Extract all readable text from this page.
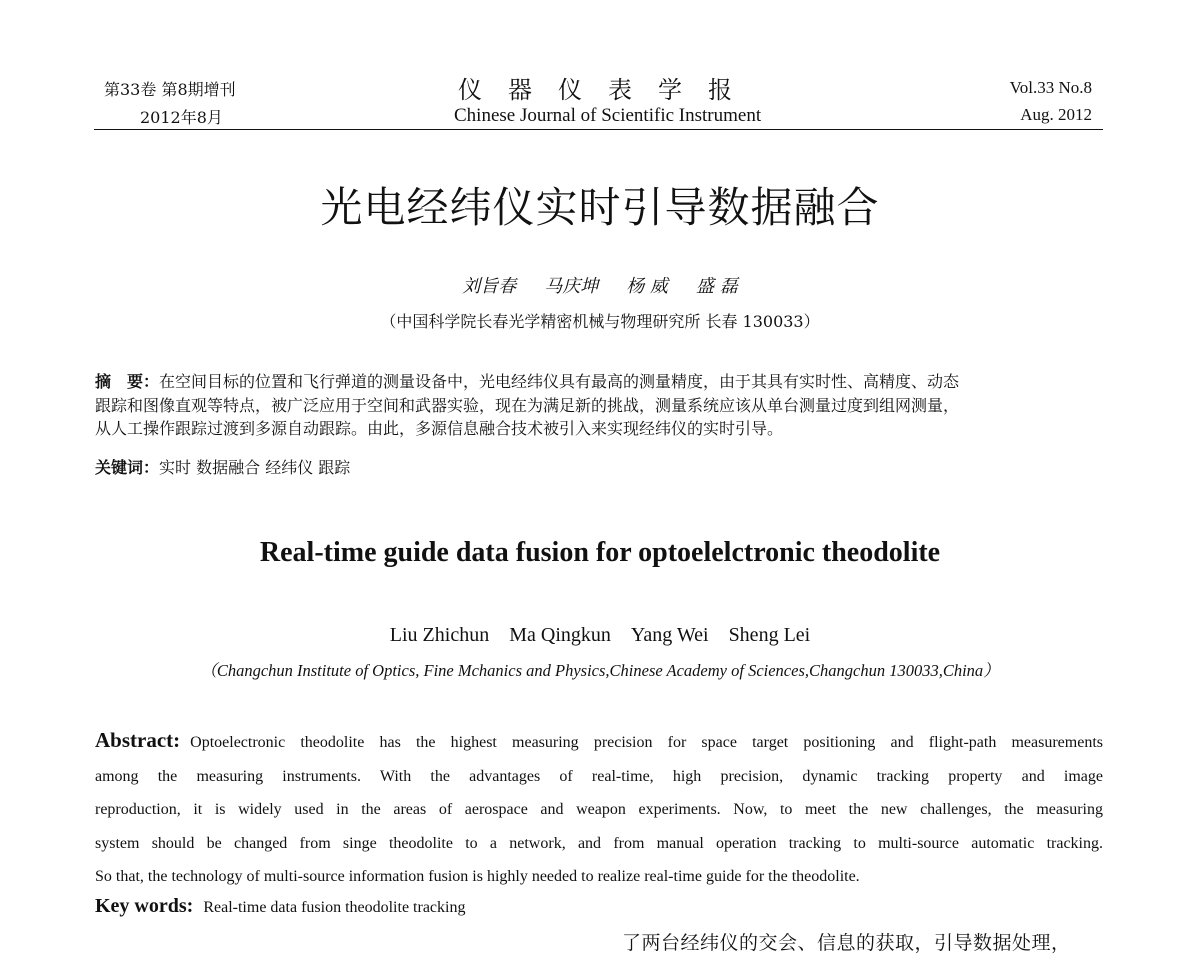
第33卷 第8期增刊
2012年8月
仪器仪表学报
Chinese Journal of Scientific Instrument
Vol.33 No.8
Aug. 2012
光电经纬仪实时引导数据融合
刘旨春 马庆坤 杨 威 盛 磊
（中国科学院长春光学精密机械与物理研究所 长春 130033）
摘　要：在空间目标的位置和飞行弹道的测量设备中，光电经纬仪具有最高的测量精度，由于其具有实时性、高精度、动态
跟踪和图像直观等特点，被广泛应用于空间和武器实验，现在为满足新的挑战，测量系统应该从单台测量过度到组网测量，
从人工操作跟踪过渡到多源自动跟踪。由此，多源信息融合技术被引入来实现经纬仪的实时引导。
关键词：实时 数据融合 经纬仪 跟踪
Real-time guide data fusion for optoelelctronic theodolite
Liu Zhichun Ma Qingkun Yang Wei Sheng Lei
（Changchun Institute of Optics, Fine Mchanics and Physics,Chinese Academy of Sciences,Changchun 130033,China）
Abstract: Optoelectronic theodolite has the highest measuring precision for space target positioning and flight-path measurements
among the measuring instruments. With the advantages of real-time, high precision, dynamic tracking property and image
reproduction, it is widely used in the areas of aerospace and weapon experiments. Now, to meet the new challenges, the measuring
system should be changed from singe theodolite to a network, and from manual operation tracking to multi-source automatic tracking.
So that, the technology of multi-source information fusion is highly needed to realize real-time guide for the theodolite.
Key words: Real-time data fusion theodolite tracking
了两台经纬仪的交会、信息的获取，引导数据处理，
